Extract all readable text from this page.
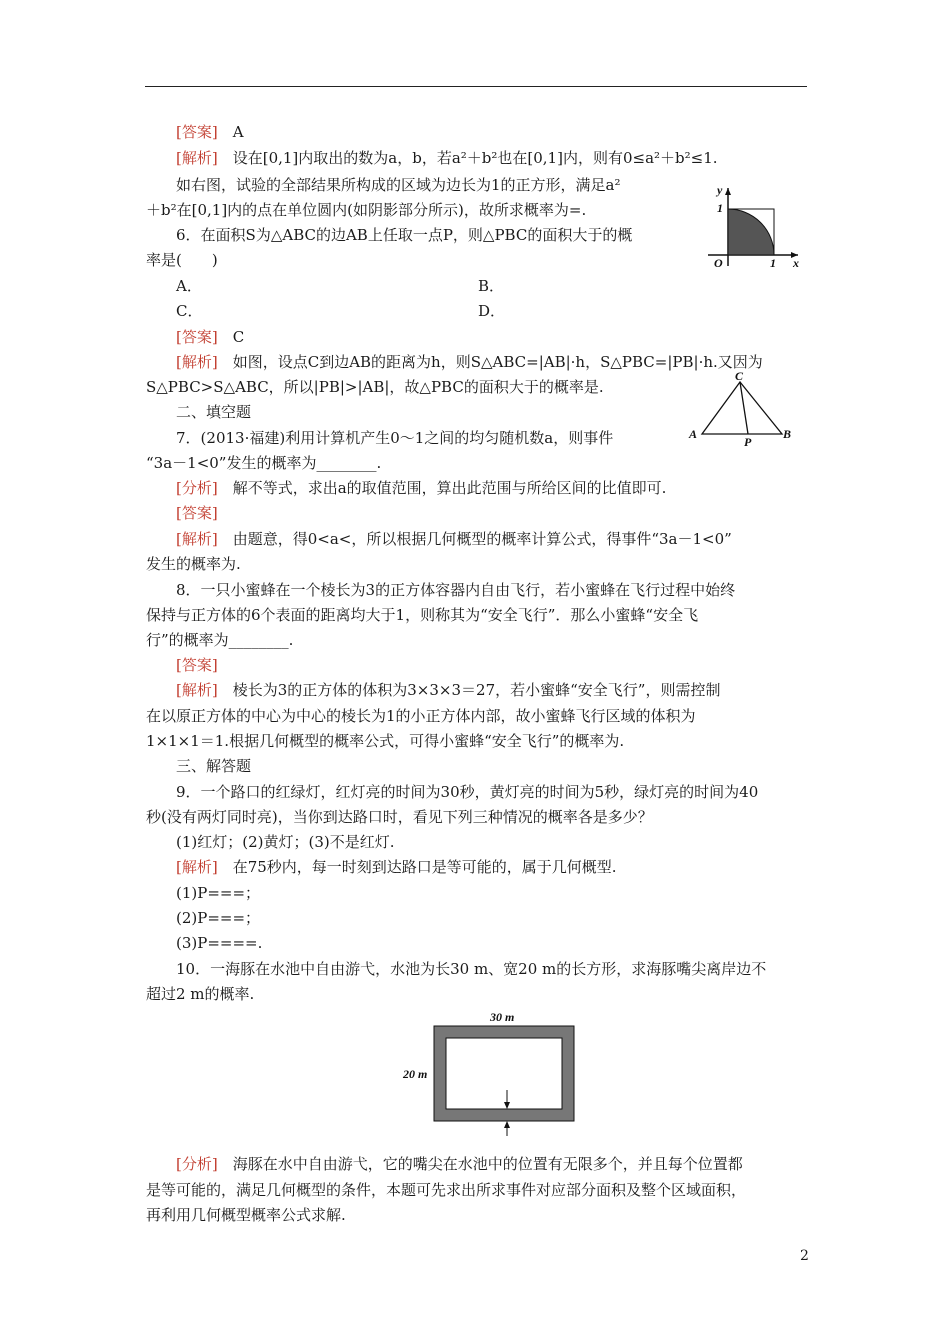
[答案]　A
[解析]　设在[0,1]内取出的数为a，b，若a²＋b²也在[0,1]内，则有0≤a²＋b²≤1.
如右图，试验的全部结果所构成的区域为边长为1的正方形，满足a²
＋b²在[0,1]内的点在单位圆内(如阴影部分所示)，故所求概率为=.
6．在面积S为△ABC的边AB上任取一点P，则△PBC的面积大于的概
率是(　　)
A．	B．
C．	D．
[答案]　C
[解析]　如图，设点C到边AB的距离为h，则S△ABC=|AB|·h，S△PBC=|PB|·h.又因为
S△PBC>S△ABC，所以|PB|>|AB|，故△PBC的面积大于的概率是.
二、填空题
7．(2013·福建)利用计算机产生0～1之间的均匀随机数a，则事件
“3a－1<0”发生的概率为________.
[分析]　解不等式，求出a的取值范围，算出此范围与所给区间的比值即可.
[答案]
[解析]　由题意，得0<a<，所以根据几何概型的概率计算公式，得事件“3a－1<0”
发生的概率为.
8．一只小蜜蜂在一个棱长为3的正方体容器内自由飞行，若小蜜蜂在飞行过程中始终
保持与正方体的6个表面的距离均大于1，则称其为“安全飞行”．那么小蜜蜂“安全飞
行”的概率为________.
[答案]
[解析]　棱长为3的正方体的体积为3×3×3＝27，若小蜜蜂“安全飞行”，则需控制
在以原正方体的中心为中心的棱长为1的小正方体内部，故小蜜蜂飞行区域的体积为
1×1×1＝1.根据几何概型的概率公式，可得小蜜蜂“安全飞行”的概率为.
三、解答题
9．一个路口的红绿灯，红灯亮的时间为30秒，黄灯亮的时间为5秒，绿灯亮的时间为40
秒(没有两灯同时亮)，当你到达路口时，看见下列三种情况的概率各是多少？
(1)红灯；(2)黄灯；(3)不是红灯.
[解析]　在75秒内，每一时刻到达路口是等可能的，属于几何概型.
(1)P===；
(2)P===；
(3)P====.
10．一海豚在水池中自由游弋，水池为长30 m、宽20 m的长方形，求海豚嘴尖离岸边不
超过2 m的概率.
[分析]　海豚在水中自由游弋，它的嘴尖在水池中的位置有无限多个，并且每个位置都
是等可能的，满足几何概型的条件，本题可先求出所求事件对应部分面积及整个区域面积，
再利用几何概型概率公式求解.
y
x
O	1
1
C
A	B
P
30 m
20 m
2
